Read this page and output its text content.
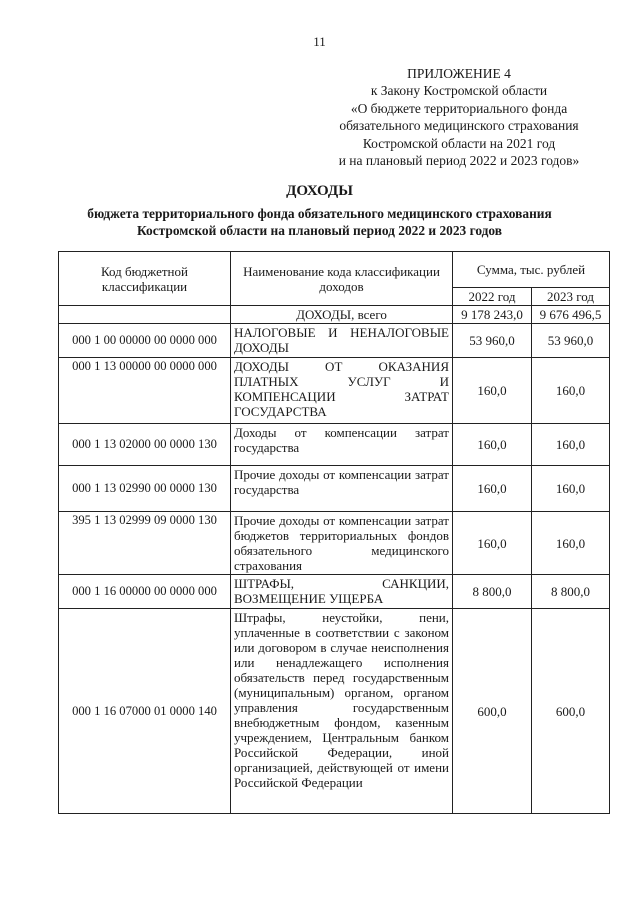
11
ПРИЛОЖЕНИЕ 4
к Закону Костромской области
«О бюджете территориального фонда
обязательного медицинского страхования
Костромской области на 2021 год
и на плановый период 2022 и 2023 годов»
ДОХОДЫ
бюджета территориального фонда обязательного медицинского страхования
Костромской области на плановый период 2022 и 2023 годов
Код бюджетной классификации	Наименование кода классификации доходов	Сумма, тыс. рублей	
		2022 год	2023 год
	ДОХОДЫ, всего	9 178 243,0	9 676 496,5
000 1 00 00000 00 0000 000	НАЛОГОВЫЕ И НЕНАЛОГОВЫЕ ДОХОДЫ	53 960,0	53 960,0
000 1 13 00000 00 0000 000	ДОХОДЫ ОТ ОКАЗАНИЯ ПЛАТНЫХ УСЛУГ И КОМПЕНСАЦИИ ЗАТРАТ ГОСУДАРСТВА	160,0	160,0
000 1 13 02000 00 0000 130	Доходы от компенсации затрат государства	160,0	160,0
000 1 13 02990 00 0000 130	Прочие доходы от компенсации затрат государства	160,0	160,0
395 1 13 02999 09 0000 130	Прочие доходы от компенсации затрат бюджетов территориальных фондов обязательного медицинского страхования	160,0	160,0
000 1 16 00000 00 0000 000	ШТРАФЫ, САНКЦИИ, ВОЗМЕЩЕНИЕ УЩЕРБА	8 800,0	8 800,0
000 1 16 07000 01 0000 140	Штрафы, неустойки, пени, уплаченные в соответствии с законом или договором в случае неисполнения или ненадлежащего исполнения обязательств перед государственным (муниципальным) органом, органом управления государственным внебюджетным фондом, казенным учреждением, Центральным банком Российской Федерации, иной организацией, действующей от имени Российской Федерации	600,0	600,0
